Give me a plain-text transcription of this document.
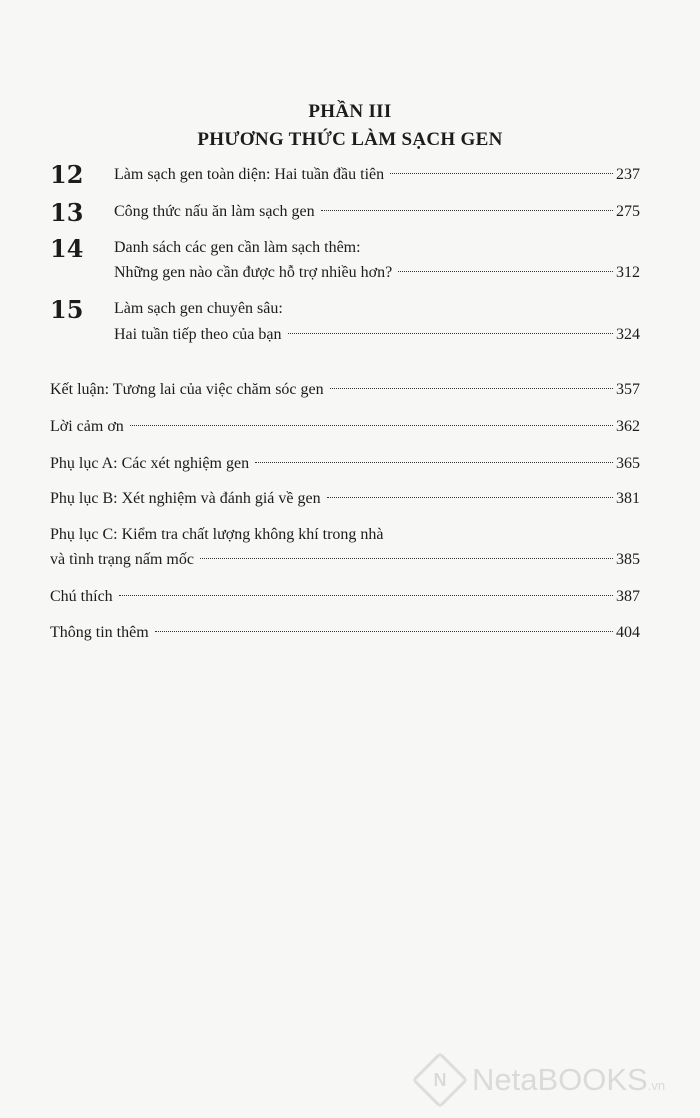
PHẦN III
PHƯƠNG THỨC LÀM SẠCH GEN
12 Làm sạch gen toàn diện: Hai tuần đầu tiên	237
13 Công thức nấu ăn làm sạch gen	275
14 Danh sách các gen cần làm sạch thêm:
Những gen nào cần được hỗ trợ nhiều hơn?	312
15 Làm sạch gen chuyên sâu:
Hai tuần tiếp theo của bạn	324
Kết luận: Tương lai của việc chăm sóc gen	357
Lời cảm ơn	362
Phụ lục A: Các xét nghiệm gen	365
Phụ lục B: Xét nghiệm và đánh giá về gen	381
Phụ lục C: Kiểm tra chất lượng không khí trong nhà
và tình trạng nấm mốc	385
Chú thích	387
Thông tin thêm	404
N NetaBOOKS.vn
